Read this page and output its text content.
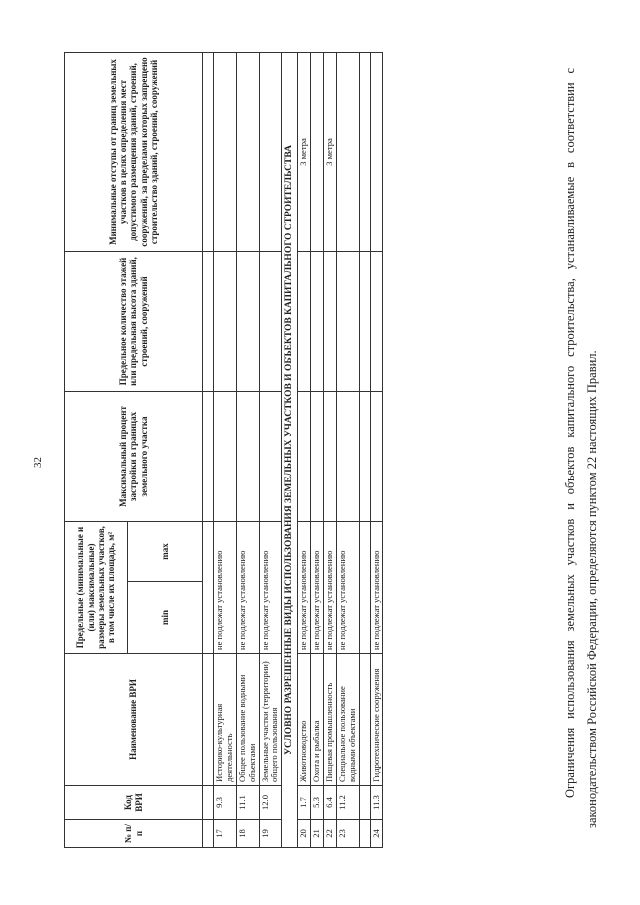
32
№ п/п	Код ВРИ	Наименование ВРИ	Предельные (минимальные и (или) максимальные) размеры земельных участков, в том числе их площадь, м²		Максимальный процент застройки в границах земельного участка	Предельное количество этажей или предельная высота зданий, строений, сооружений	Минимальные отступы от границ земельных участков в целях определения мест допустимого размещения зданий, строений, сооружений, за пределами которых запрещено строительство зданий, строений, сооружений
			min	max			

17	9.3	Историко-культурная деятельность	не подлежат установлению				
18	11.1	Общее пользование водными объектами	не подлежат установлению				
19	12.0	Земельные участки (территории) общего пользования	не подлежат установлению				
УСЛОВНО РАЗРЕШЕННЫЕ ВИДЫ ИСПОЛЬЗОВАНИЯ ЗЕМЕЛЬНЫХ УЧАСТКОВ И ОБЪЕКТОВ КАПИТАЛЬНОГО СТРОИТЕЛЬСТВА							
20	1.7	Животноводство	не подлежат установлению				3 метра
21	5.3	Охота и рыбалка	не подлежат установлению				
22	6.4	Пищевая промышленность	не подлежат установлению				3 метра
23	11.2	Специальное пользование водными объектами	не подлежат установлению				

24	11.3	Гидротехнические сооружения	не подлежат установлению					Ограничения использования земельных участков и объектов капитального строительства, устанавливаемые в соответствии с законодательством Российской Федерации, определяются пунктом 22 настоящих Правил.
